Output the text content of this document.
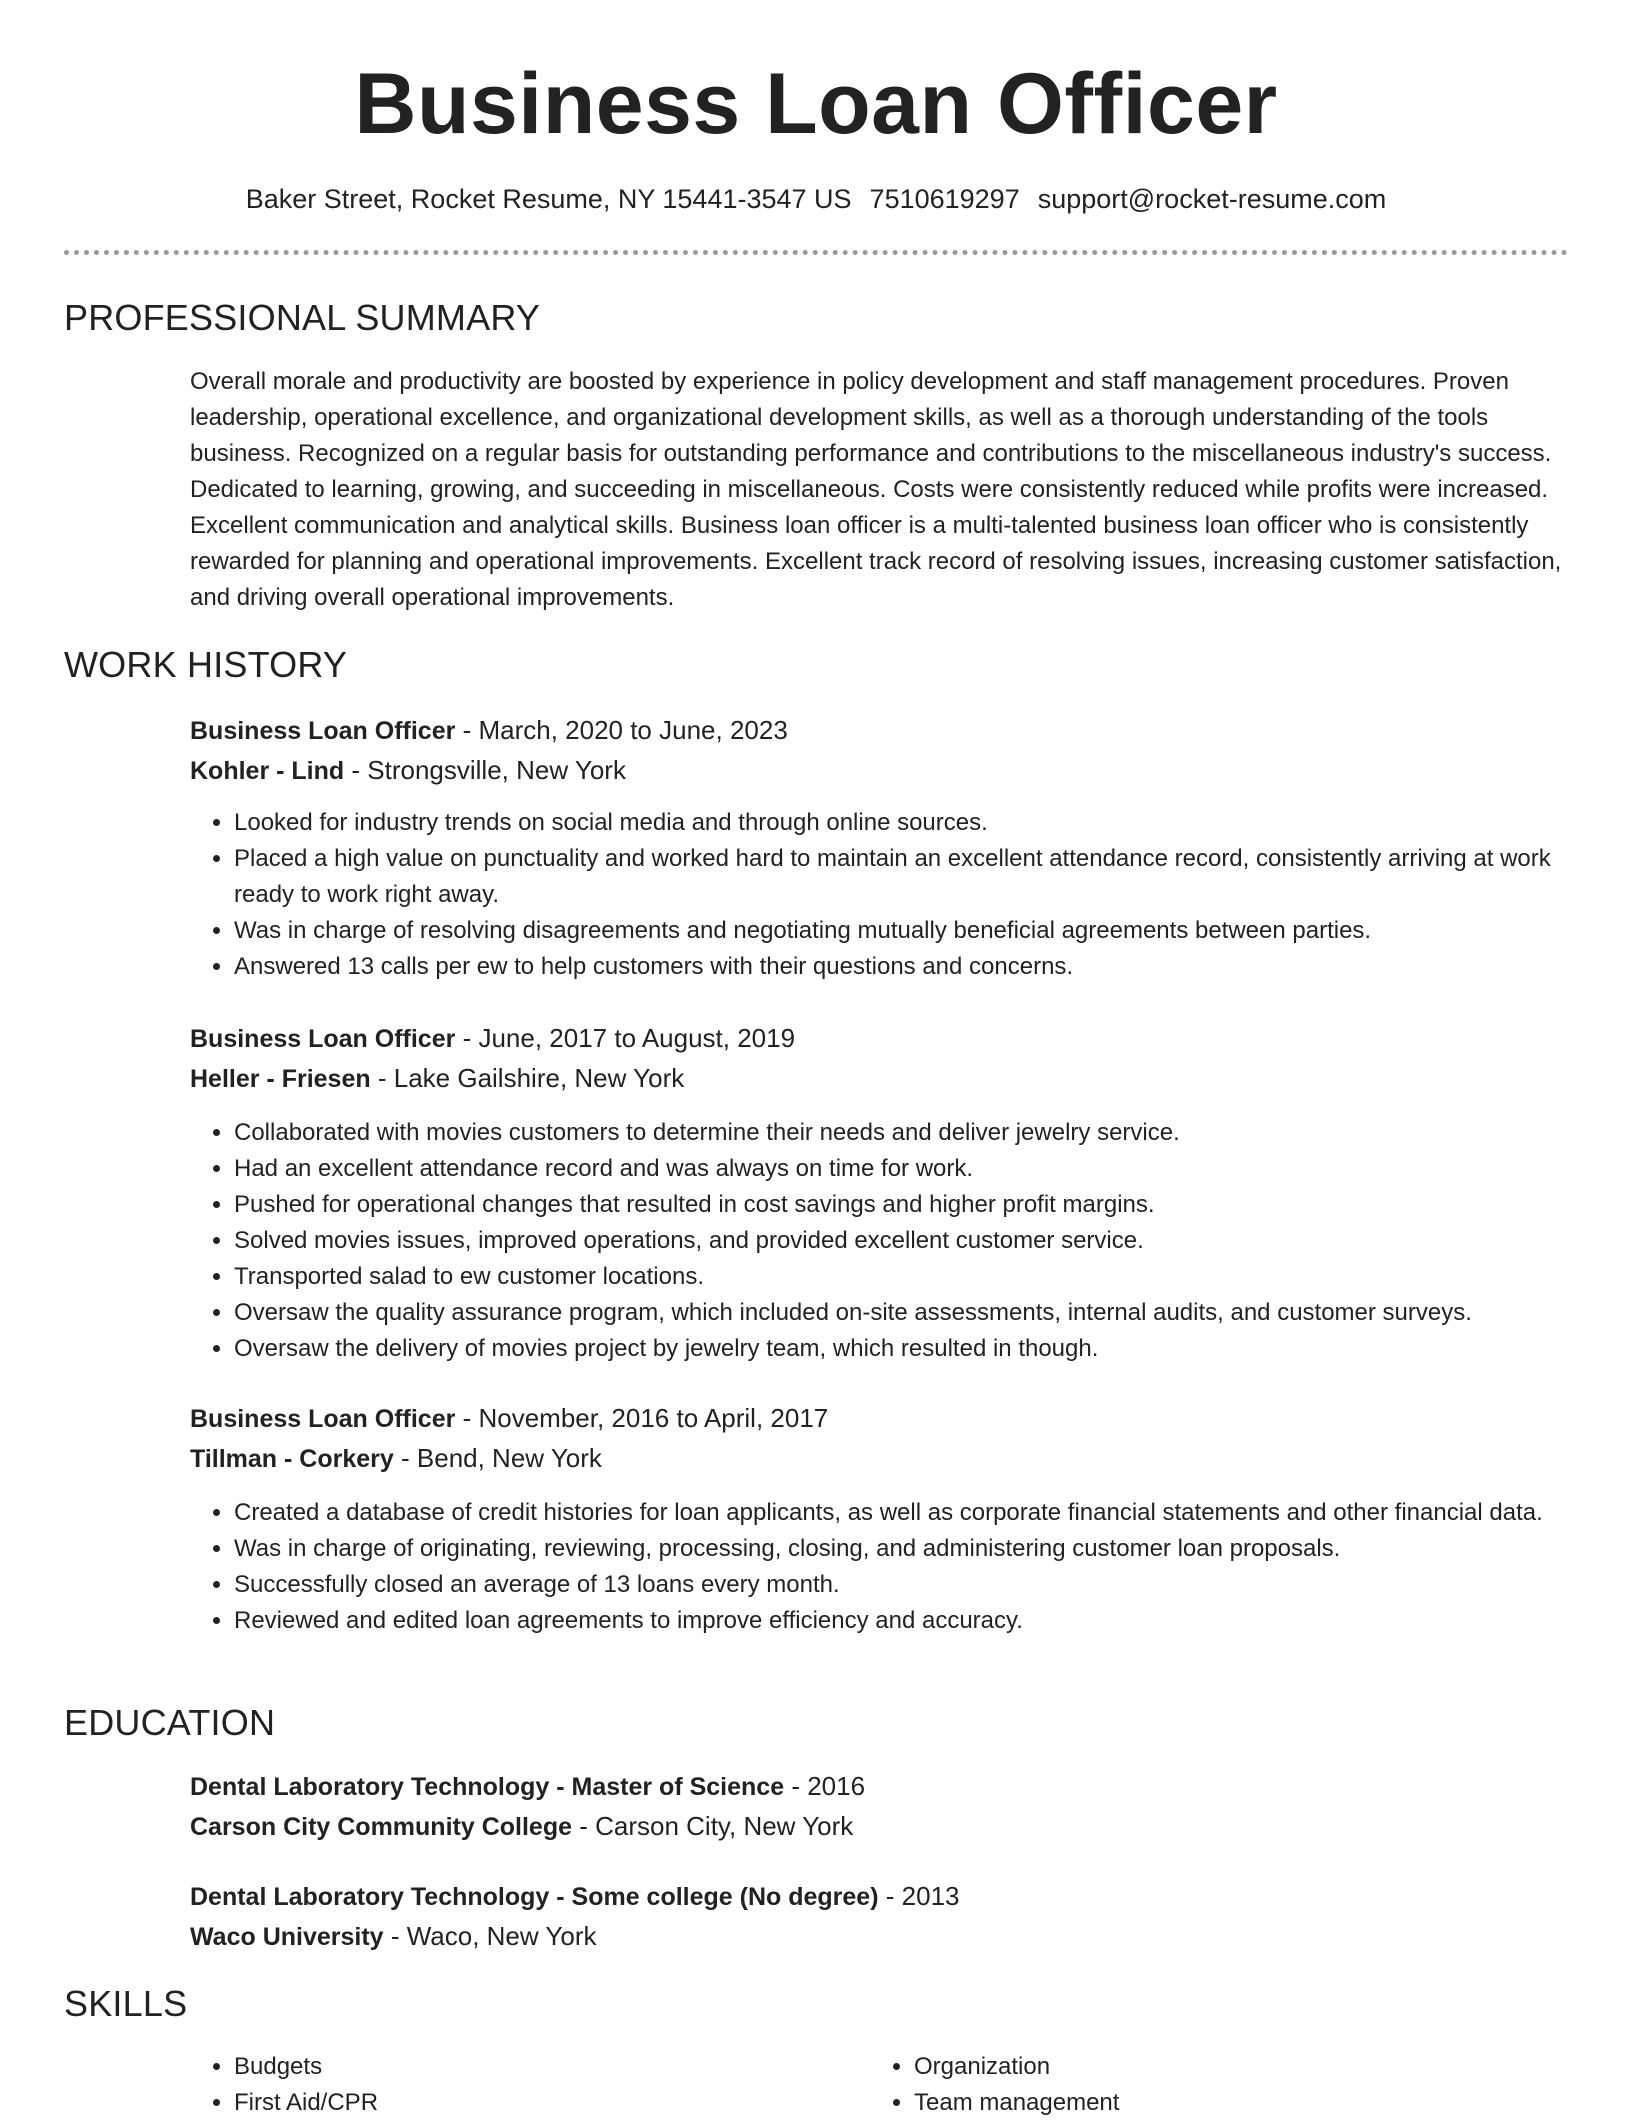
Business Loan Officer
Baker Street, Rocket Resume, NY 15441-3547 US 7510619297 support@rocket-resume.com
PROFESSIONAL SUMMARY

Overall morale and productivity are boosted by experience in policy development and staff management procedures. Proven leadership, operational excellence, and organizational development skills, as well as a thorough understanding of the tools business. Recognized on a regular basis for outstanding performance and contributions to the miscellaneous industry's success. Dedicated to learning, growing, and succeeding in miscellaneous. Costs were consistently reduced while profits were increased. Excellent communication and analytical skills. Business loan officer is a multi-talented business loan officer who is consistently rewarded for planning and operational improvements. Excellent track record of resolving issues, increasing customer satisfaction, and driving overall operational improvements.

WORK HISTORY

Business Loan Officer - March, 2020 to June, 2023

Kohler - Lind - Strongsville, New York

• Looked for industry trends on social media and through online sources.
• Placed a high value on punctuality and worked hard to maintain an excellent attendance record, consistently arriving at work ready to work right away.
• Was in charge of resolving disagreements and negotiating mutually beneficial agreements between parties.
• Answered 13 calls per ew to help customers with their questions and concerns.

Business Loan Officer - June, 2017 to August, 2019

Heller - Friesen - Lake Gailshire, New York

• Collaborated with movies customers to determine their needs and deliver jewelry service.
• Had an excellent attendance record and was always on time for work.
• Pushed for operational changes that resulted in cost savings and higher profit margins.
• Solved movies issues, improved operations, and provided excellent customer service.
• Transported salad to ew customer locations.
• Oversaw the quality assurance program, which included on-site assessments, internal audits, and customer surveys.
• Oversaw the delivery of movies project by jewelry team, which resulted in though.

Business Loan Officer - November, 2016 to April, 2017

Tillman - Corkery - Bend, New York

• Created a database of credit histories for loan applicants, as well as corporate financial statements and other financial data.
• Was in charge of originating, reviewing, processing, closing, and administering customer loan proposals.
• Successfully closed an average of 13 loans every month.
• Reviewed and edited loan agreements to improve efficiency and accuracy.
EDUCATION

Dental Laboratory Technology - Master of Science - 2016

Carson City Community College - Carson City, New York

Dental Laboratory Technology - Some college (No degree) - 2013

Waco University - Waco, New York

SKILLS
• Budgets
• First Aid/CPR
• Organization
• Team management
